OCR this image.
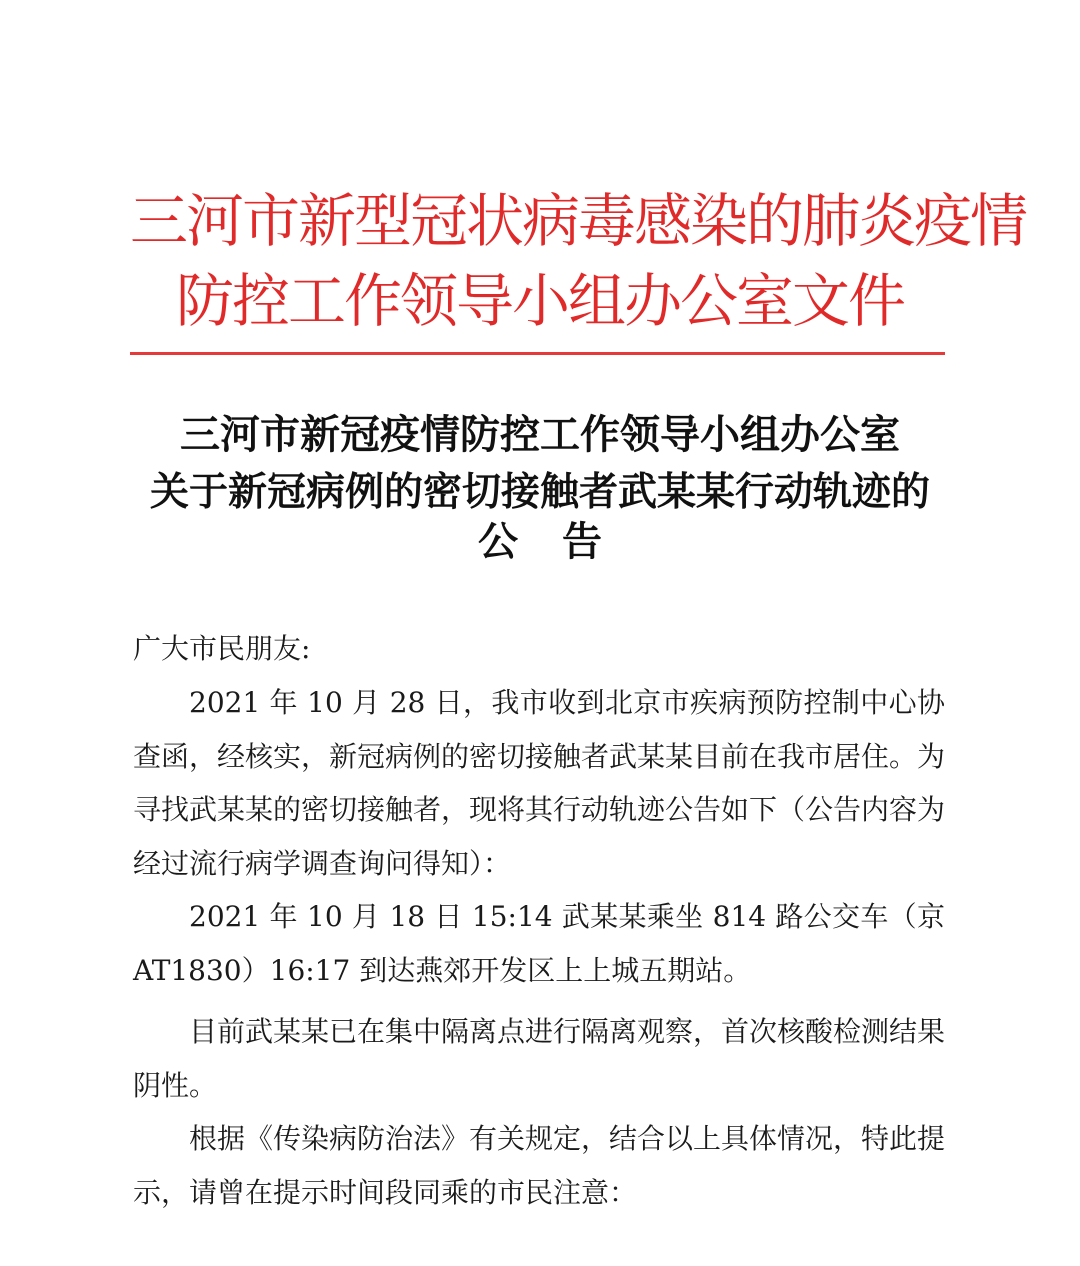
三河市新型冠状病毒感染的肺炎疫情
防控工作领导小组办公室文件
三河市新冠疫情防控工作领导小组办公室
关于新冠病例的密切接触者武某某行动轨迹的
公告
广大市民朋友:

2021 年 10 月 28 日，我市收到北京市疾病预防控制中心协查函，经核实，新冠病例的密切接触者武某某目前在我市居住。为寻找武某某的密切接触者，现将其行动轨迹公告如下（公告内容为经过流行病学调查询问得知）：

2021 年 10 月 18 日 15:14 武某某乘坐 814 路公交车（京 AT1830）16:17 到达燕郊开发区上上城五期站。

目前武某某已在集中隔离点进行隔离观察，首次核酸检测结果阴性。

根据《传染病防治法》有关规定，结合以上具体情况，特此提示，请曾在提示时间段同乘的市民注意：
